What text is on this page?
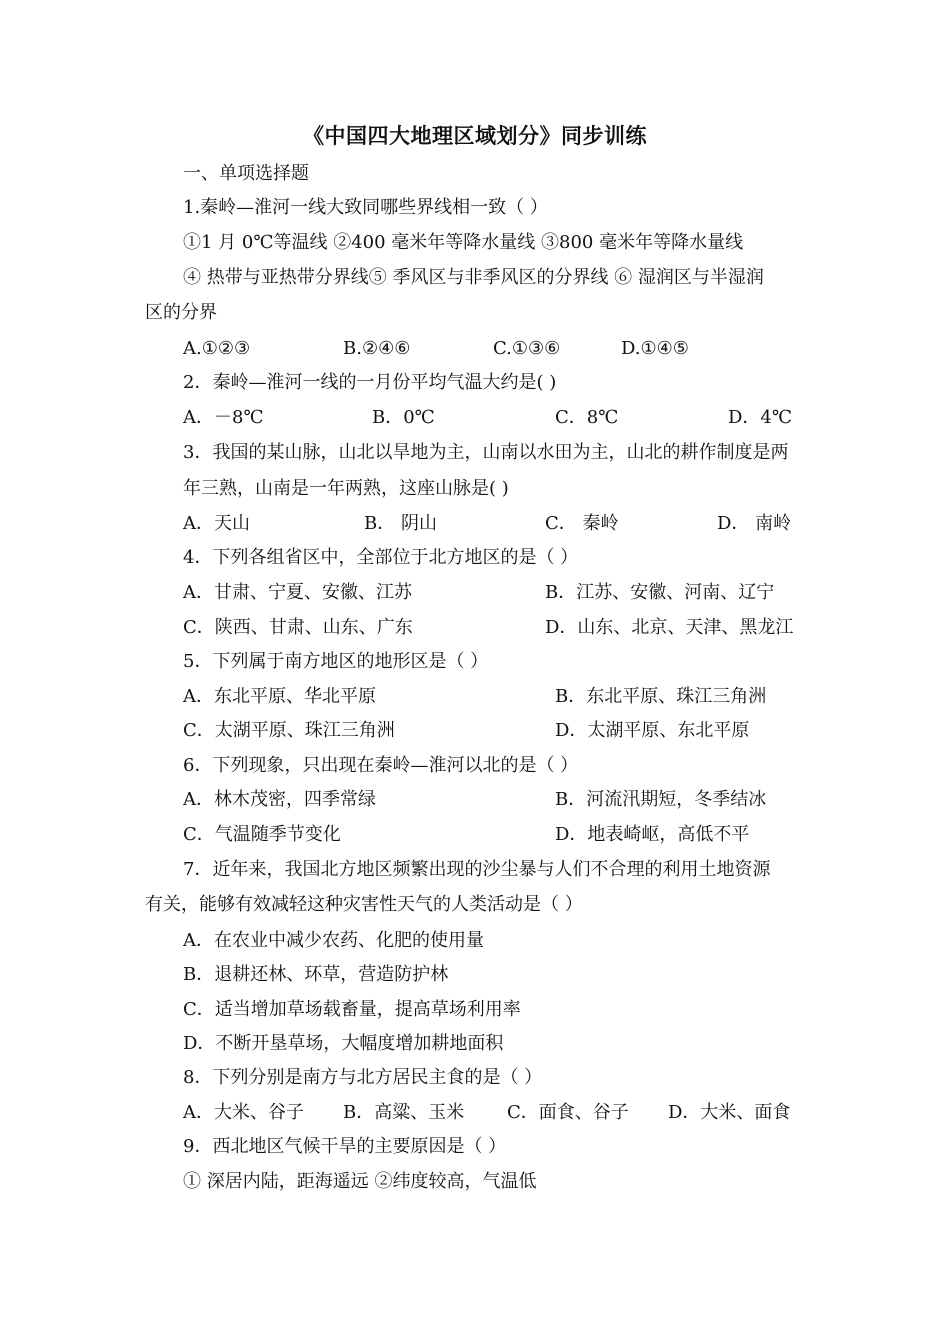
《中国四大地理区域划分》同步训练
一、单项选择题
1.秦岭—淮河一线大致同哪些界线相一致（ ）
①1 月 0℃等温线 ②400 毫米年等降水量线 ③800 毫米年等降水量线
④ 热带与亚热带分界线⑤ 季风区与非季风区的分界线 ⑥ 湿润区与半湿润
区的分界
A.①②③	B.②④⑥	C.①③⑥	D.①④⑤
2．秦岭—淮河一线的一月份平均气温大约是( )
A．－8℃	B．0℃	C．8℃	D．4℃
3．我国的某山脉，山北以旱地为主，山南以水田为主，山北的耕作制度是两
年三熟，山南是一年两熟，这座山脉是( )
A．天山	B． 阴山	C． 秦岭	D． 南岭
4．下列各组省区中，全部位于北方地区的是（ ）
A．甘肃、宁夏、安徽、江苏	B．江苏、安徽、河南、辽宁
C．陕西、甘肃、山东、广东	D．山东、北京、天津、黑龙江
5．下列属于南方地区的地形区是（ ）
A．东北平原、华北平原	B．东北平原、珠江三角洲
C．太湖平原、珠江三角洲	D．太湖平原、东北平原
6．下列现象，只出现在秦岭—淮河以北的是（ ）
A．林木茂密，四季常绿	B．河流汛期短，冬季结冰
C．气温随季节变化	D．地表崎岖，高低不平
7．近年来，我国北方地区频繁出现的沙尘暴与人们不合理的利用土地资源
有关，能够有效减轻这种灾害性天气的人类活动是（ ）
A．在农业中减少农药、化肥的使用量
B．退耕还林、环草，营造防护林
C．适当增加草场载畜量，提高草场利用率
D．不断开垦草场，大幅度增加耕地面积
8．下列分别是南方与北方居民主食的是（ ）
A．大米、谷子 B．高粱、玉米 C．面食、谷子 D．大米、面食
9．西北地区气候干旱的主要原因是（ ）
① 深居内陆，距海遥远 ②纬度较高，气温低
